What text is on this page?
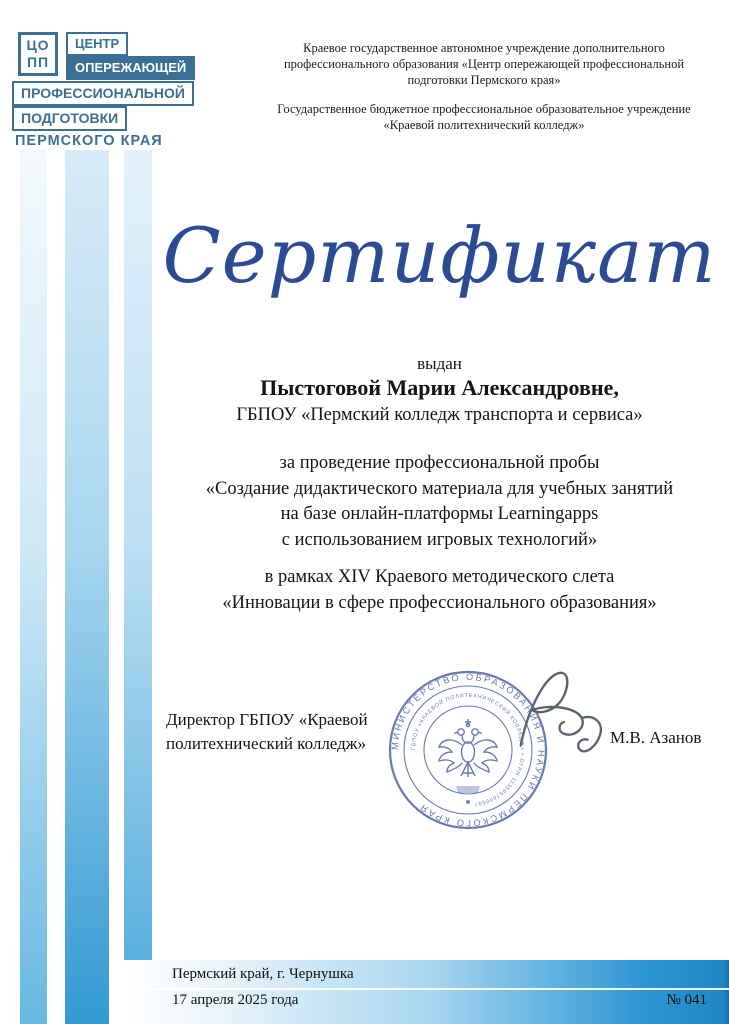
ЦО
ПП
ЦЕНТР
ОПЕРЕЖАЮЩЕЙ
ПРОФЕССИОНАЛЬНОЙ
ПОДГОТОВКИ
ПЕРМСКОГО КРАЯ
Краевое государственное автономное учреждение дополнительного
профессионального образования «Центр опережающей профессиональной
подготовки Пермского края»
Государственное бюджетное профессиональное образовательное учреждение
«Краевой политехнический колледж»
Сертификат
выдан
Пыстоговой Марии Александровне,
ГБПОУ «Пермский колледж транспорта и сервиса»
за проведение профессиональной пробы
«Создание дидактического материала для учебных занятий
на базе онлайн-платформы Learningapps
с использованием игровых технологий»
в рамках XIV Краевого методического слета
«Инновации в сфере профессионального образования»
Директор ГБПОУ «Краевой
политехнический колледж»	МИНИСТЕРСТВО ОБРАЗОВАНИЯ И НАУКИ ПЕРМСКОГО КРАЯ
ГБПОУ «КРАЕВОЙ ПОЛИТЕХНИЧЕСКИЙ КОЛЛЕДЖ» • ОГРН 1135957600597
М.В. Азанов
Пермский край, г. Чернушка
17 апреля 2025 года	№ 041
